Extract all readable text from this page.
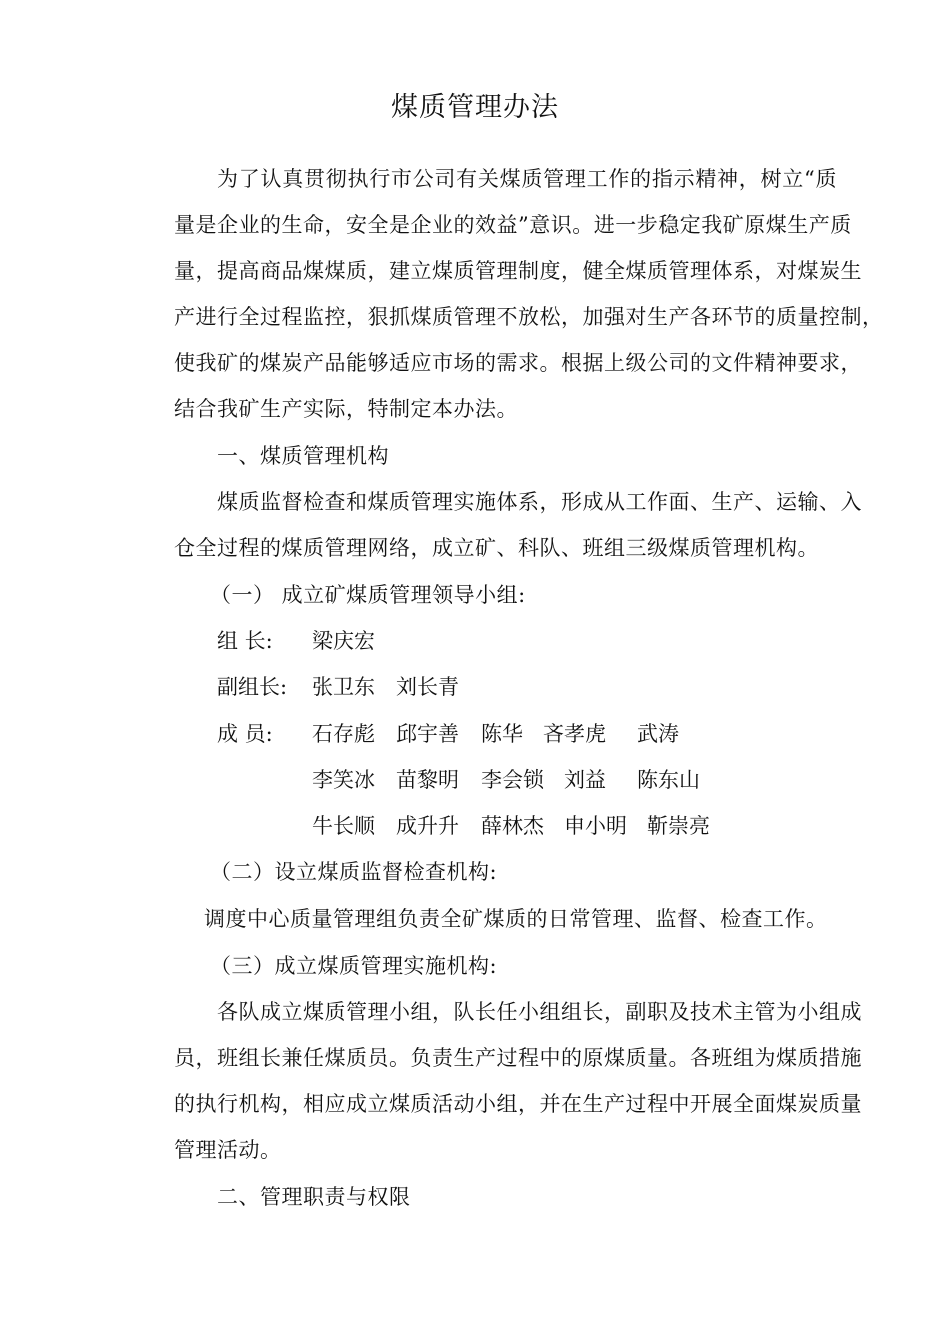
煤质管理办法
为了认真贯彻执行市公司有关煤质管理工作的指示精神，树立“质
量是企业的生命，安全是企业的效益”意识。进一步稳定我矿原煤生产质
量，提高商品煤煤质，建立煤质管理制度，健全煤质管理体系，对煤炭生
产进行全过程监控，狠抓煤质管理不放松，加强对生产各环节的质量控制，
使我矿的煤炭产品能够适应市场的需求。根据上级公司的文件精神要求，
结合我矿生产实际，特制定本办法。
一、煤质管理机构
煤质监督检查和煤质管理实施体系，形成从工作面、生产、运输、入
仓全过程的煤质管理网络，成立矿、科队、班组三级煤质管理机构。
（一） 成立矿煤质管理领导小组:
组 长: 梁庆宏
副组长: 张卫东 刘长青
成 员: 石存彪 邱宇善 陈华 吝孝虎 武涛
李笑冰 苗黎明 李会锁 刘益 陈东山
牛长顺 成升升 薛林杰 申小明 靳崇亮
（二）设立煤质监督检查机构:
调度中心质量管理组负责全矿煤质的日常管理、监督、检查工作。
（三）成立煤质管理实施机构:
各队成立煤质管理小组，队长任小组组长，副职及技术主管为小组成
员，班组长兼任煤质员。负责生产过程中的原煤质量。各班组为煤质措施
的执行机构，相应成立煤质活动小组，并在生产过程中开展全面煤炭质量
管理活动。
二、管理职责与权限
